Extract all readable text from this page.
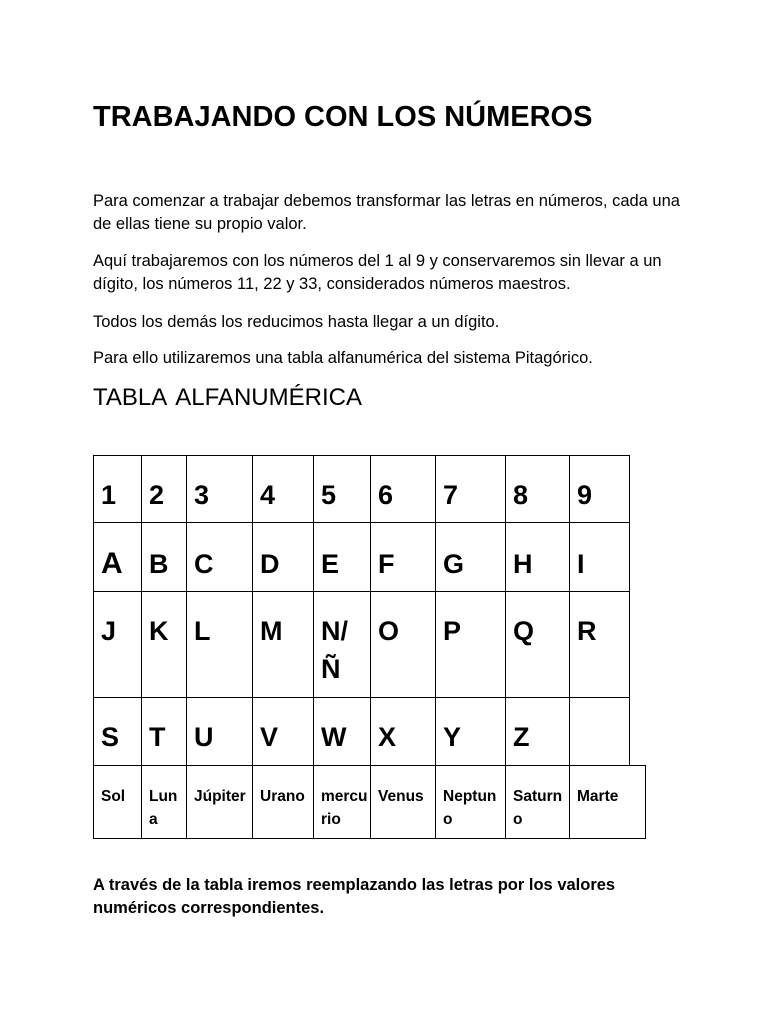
TRABAJANDO CON LOS NÚMEROS

Para comenzar a trabajar debemos transformar las letras en números, cada una de ellas tiene su propio valor.

Aquí trabajaremos con los números del 1 al 9 y conservaremos sin llevar a un dígito, los números 11, 22 y 33, considerados números maestros.

Todos los demás los reducimos hasta llegar a un dígito.

Para ello utilizaremos una tabla alfanumérica del sistema Pitagórico.

TABLA ALFANUMÉRICA
1	2	3	4	5	6	7	8	9
A	B	C	D	E	F	G	H	I
J	K	L	M	N/ Ñ	O	P	Q	R
S	T	U	V	W	X	Y	Z	
Sol	Luna	Júpiter	Urano	mercurio	Venus	Neptuno	Saturno	Marte

A través de la tabla iremos reemplazando las letras por los valores numéricos correspondientes.
